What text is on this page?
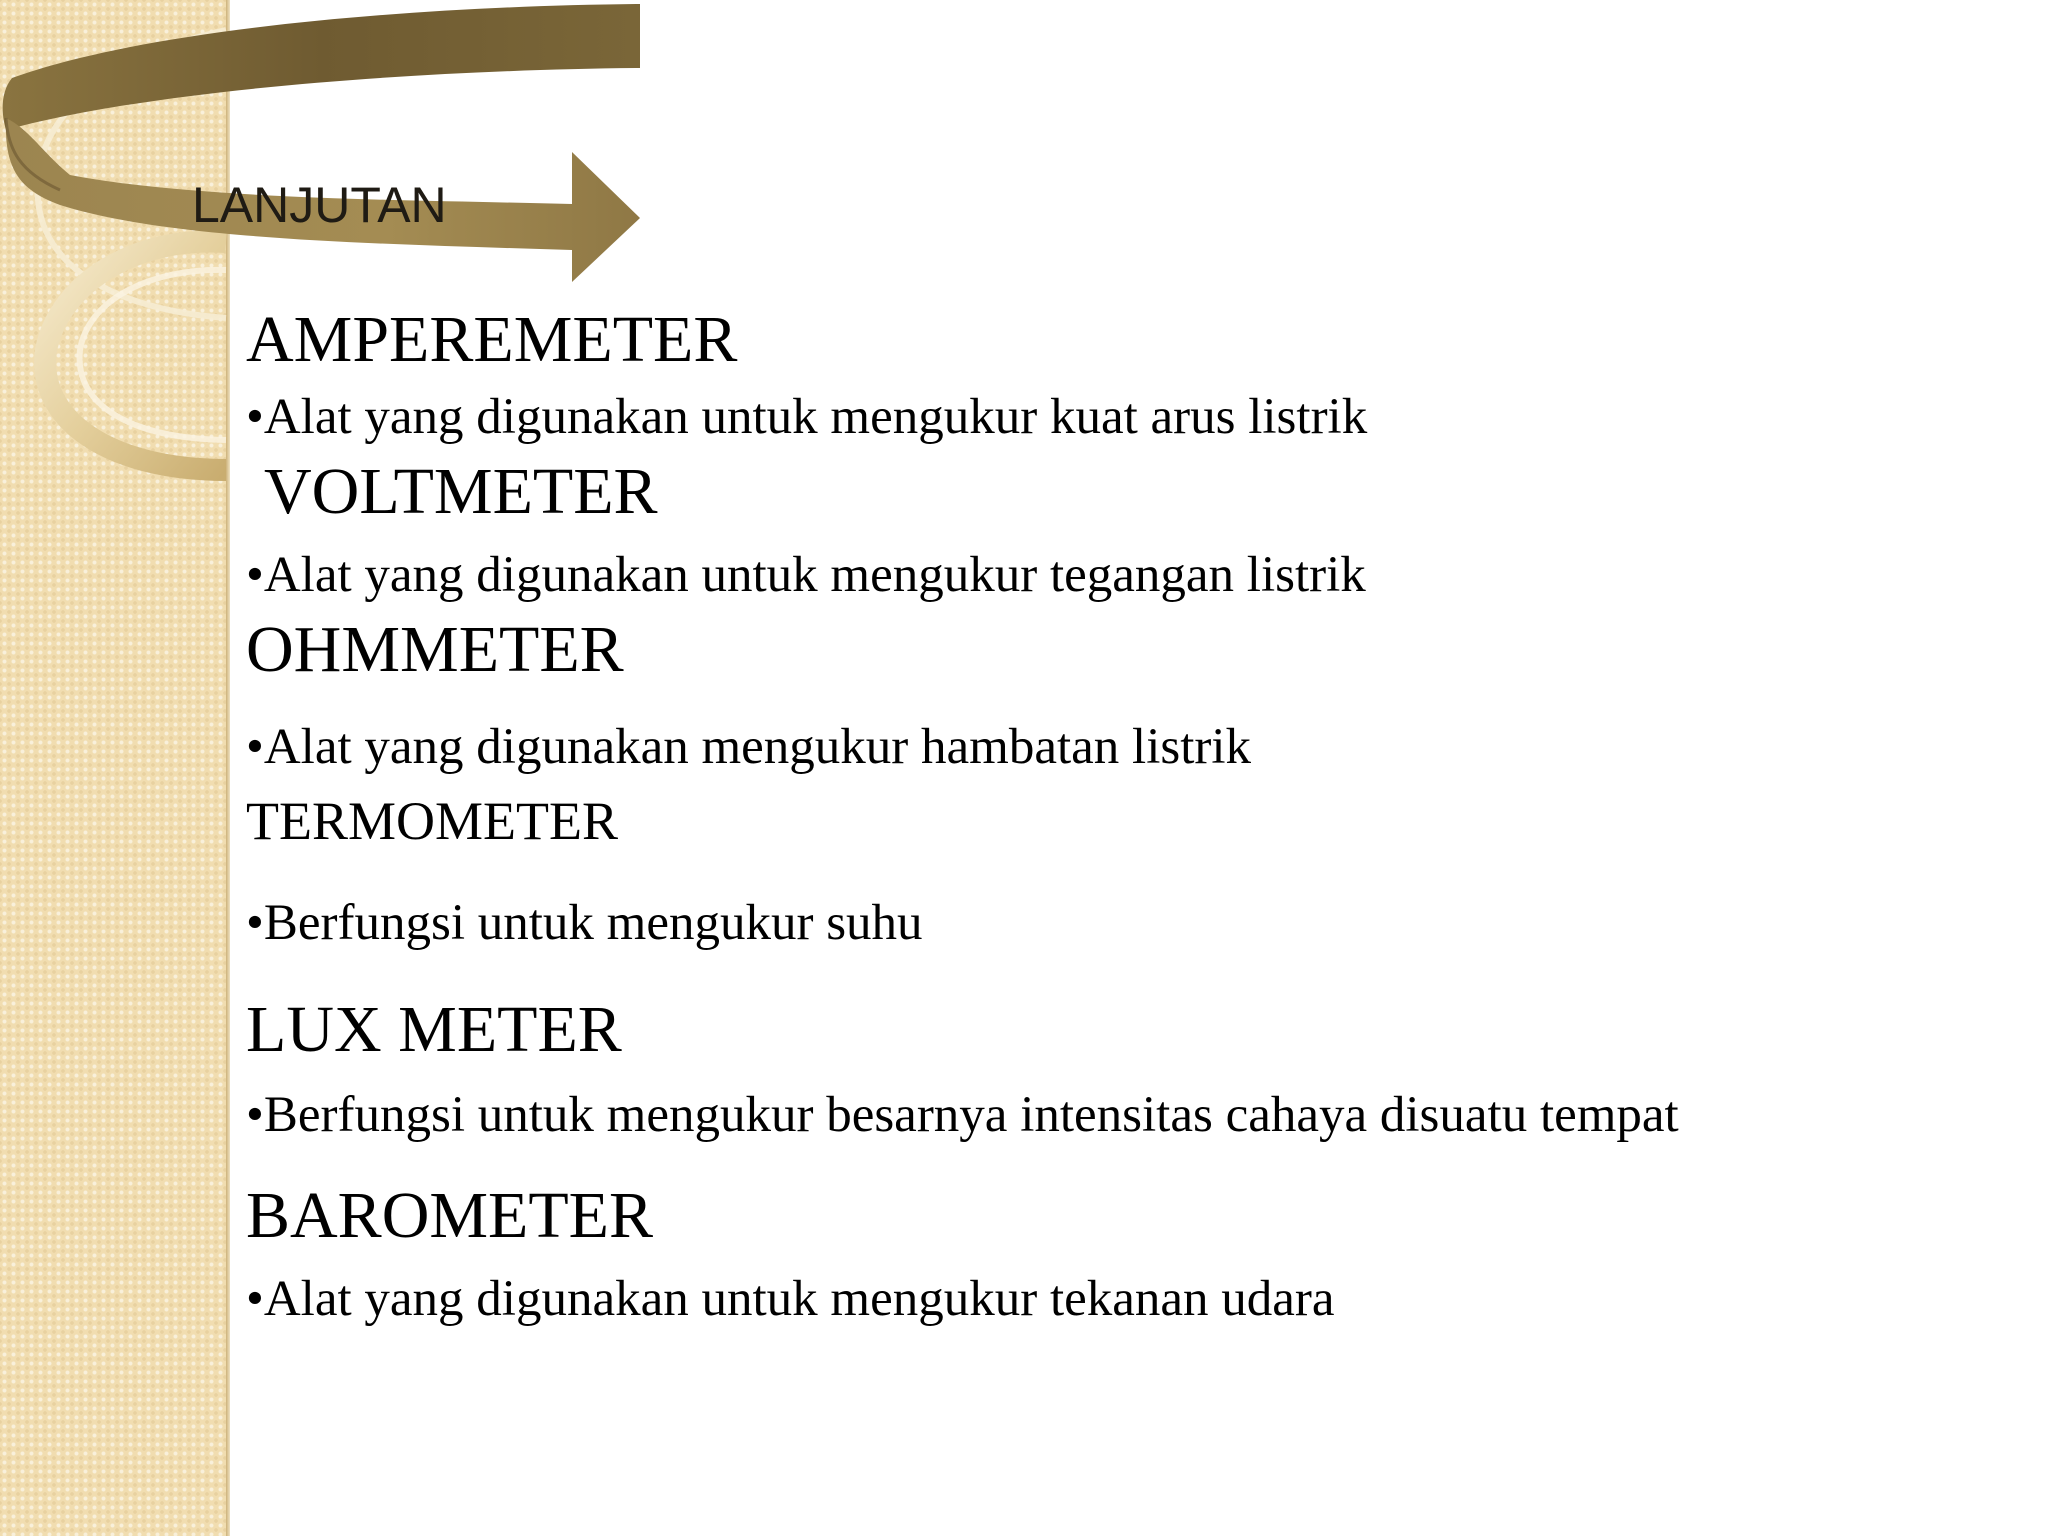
LANJUTAN
AMPEREMETER
•Alat yang digunakan untuk mengukur kuat arus listrik
VOLTMETER
•Alat yang digunakan untuk mengukur tegangan listrik
OHMMETER
•Alat yang digunakan mengukur hambatan listrik
TERMOMETER
•Berfungsi untuk mengukur suhu
LUX METER
•Berfungsi untuk mengukur besarnya intensitas cahaya disuatu tempat
BAROMETER
•Alat yang digunakan untuk mengukur tekanan udara
